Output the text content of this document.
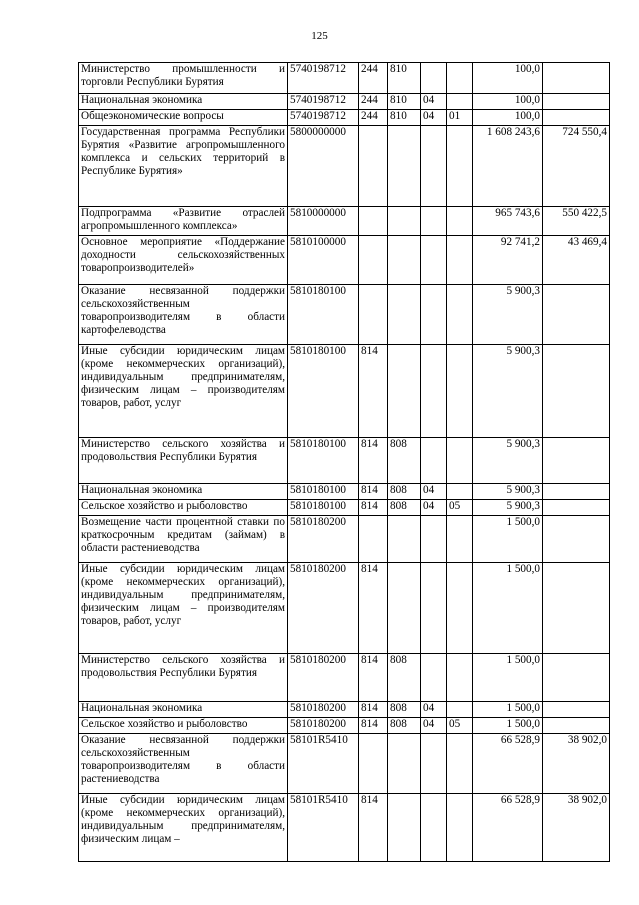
125
Министерство промышленности и торговли Республики Бурятия	5740198712	244	810			100,0	
Национальная экономика	5740198712	244	810	04		100,0	
Общеэкономические вопросы	5740198712	244	810	04	01	100,0	
Государственная программа Республики Бурятия «Развитие агропромышленного комплекса и сельских территорий в Республике Бурятия»	5800000000					1 608 243,6	724 550,4
Подпрограмма «Развитие отраслей агропромышленного комплекса»	5810000000					965 743,6	550 422,5
Основное мероприятие «Поддержание доходности сельскохозяйственных товаропроизводителей»	5810100000					92 741,2	43 469,4
Оказание несвязанной поддержки сельскохозяйственным товаропроизводителям в области картофелеводства	5810180100					5 900,3	
Иные субсидии юридическим лицам (кроме некоммерческих организаций), индивидуальным предпринимателям, физическим лицам – производителям товаров, работ, услуг	5810180100	814				5 900,3	
Министерство сельского хозяйства и продовольствия Республики Бурятия	5810180100	814	808			5 900,3	
Национальная экономика	5810180100	814	808	04		5 900,3	
Сельское хозяйство и рыболовство	5810180100	814	808	04	05	5 900,3	
Возмещение части процентной ставки по краткосрочным кредитам (займам) в области растениеводства	5810180200					1 500,0	
Иные субсидии юридическим лицам (кроме некоммерческих организаций), индивидуальным предпринимателям, физическим лицам – производителям товаров, работ, услуг	5810180200	814				1 500,0	
Министерство сельского хозяйства и продовольствия Республики Бурятия	5810180200	814	808			1 500,0	
Национальная экономика	5810180200	814	808	04		1 500,0	
Сельское хозяйство и рыболовство	5810180200	814	808	04	05	1 500,0	
Оказание несвязанной поддержки сельскохозяйственным товаропроизводителям в области растениеводства	58101R5410					66 528,9	38 902,0
Иные субсидии юридическим лицам (кроме некоммерческих организаций), индивидуальным предпринимателям, физическим лицам –	58101R5410	814				66 528,9	38 902,0
